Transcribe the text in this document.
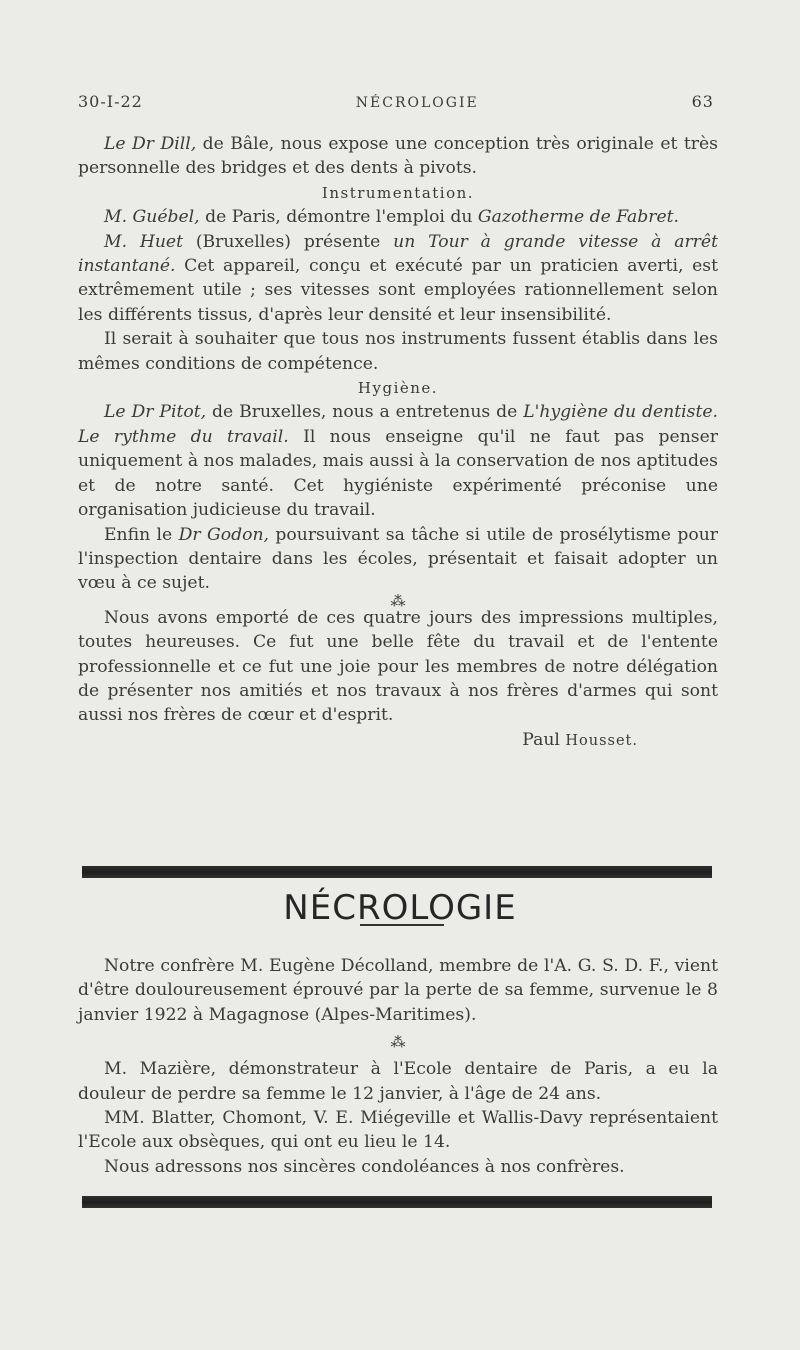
30-I-22	NÉCROLOGIE	63

Le Dr Dill, de Bâle, nous expose une conception très originale et très personnelle des bridges et des dents à pivots.

Instrumentation.

M. Guébel, de Paris, démontre l'emploi du Gazotherme de Fabret.

M. Huet (Bruxelles) présente un Tour à grande vitesse à arrêt instantané. Cet appareil, conçu et exécuté par un praticien averti, est extrêmement utile ; ses vitesses sont employées rationnellement selon les différents tissus, d'après leur densité et leur insensibilité.

Il serait à souhaiter que tous nos instruments fussent établis dans les mêmes conditions de compétence.

Hygiène.

Le Dr Pitot, de Bruxelles, nous a entretenus de L'hygiène du dentiste. Le rythme du travail. Il nous enseigne qu'il ne faut pas penser uniquement à nos malades, mais aussi à la conservation de nos aptitudes et de notre santé. Cet hygiéniste expérimenté préconise une organisation judicieuse du travail.

Enfin le Dr Godon, poursuivant sa tâche si utile de prosélytisme pour l'inspection dentaire dans les écoles, présentait et faisait adopter un vœu à ce sujet.

⁂

Nous avons emporté de ces quatre jours des impressions multiples, toutes heureuses. Ce fut une belle fête du travail et de l'entente professionnelle et ce fut une joie pour les membres de notre délégation de présenter nos amitiés et nos travaux à nos frères d'armes qui sont aussi nos frères de cœur et d'esprit.

Paul Housset.

NÉCROLOGIE

Notre confrère M. Eugène Décolland, membre de l'A. G. S. D. F., vient d'être douloureusement éprouvé par la perte de sa femme, survenue le 8 janvier 1922 à Magagnose (Alpes-Maritimes).

⁂

M. Mazière, démonstrateur à l'Ecole dentaire de Paris, a eu la douleur de perdre sa femme le 12 janvier, à l'âge de 24 ans.

MM. Blatter, Chomont, V. E. Miégeville et Wallis-Davy représentaient l'Ecole aux obsèques, qui ont eu lieu le 14.

Nous adressons nos sincères condoléances à nos confrères.
